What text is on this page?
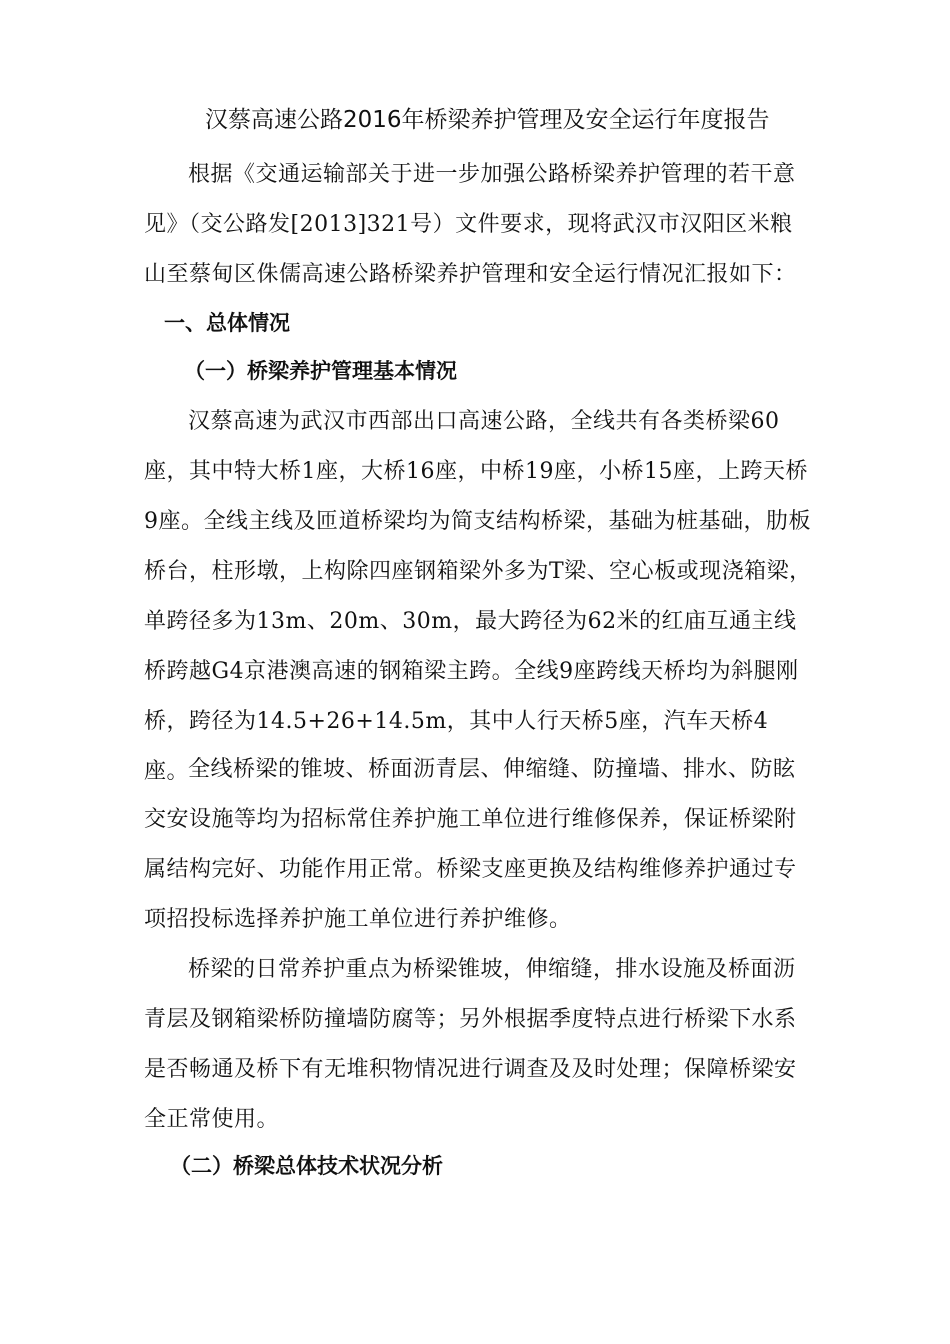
汉蔡高速公路2016年桥梁养护管理及安全运行年度报告

根据《交通运输部关于进一步加强公路桥梁养护管理的若干意见》（交公路发[2013]321号）文件要求，现将武汉市汉阳区米粮山至蔡甸区侏儒高速公路桥梁养护管理和安全运行情况汇报如下：

一、总体情况
（一）桥梁养护管理基本情况

汉蔡高速为武汉市西部出口高速公路，全线共有各类桥梁60座，其中特大桥1座，大桥16座，中桥19座，小桥15座，上跨天桥9座。全线主线及匝道桥梁均为简支结构桥梁，基础为桩基础，肋板桥台，柱形墩，上构除四座钢箱梁外多为T梁、空心板或现浇箱梁，单跨径多为13m、20m、30m，最大跨径为62米的红庙互通主线桥跨越G4京港澳高速的钢箱梁主跨。全线9座跨线天桥均为斜腿刚桥，跨径为14.5+26+14.5m，其中人行天桥5座，汽车天桥4座。

全线桥梁的锥坡、桥面沥青层、伸缩缝、防撞墙、排水、防眩交安设施等均为招标常住养护施工单位进行维修保养，保证桥梁附属结构完好、功能作用正常。桥梁支座更换及结构维修养护通过专项招投标选择养护施工单位进行养护维修。

桥梁的日常养护重点为桥梁锥坡，伸缩缝，排水设施及桥面沥青层及钢箱梁桥防撞墙防腐等；另外根据季度特点进行桥梁下水系是否畅通及桥下有无堆积物情况进行调查及及时处理；保障桥梁安全正常使用。

（二）桥梁总体技术状况分析
